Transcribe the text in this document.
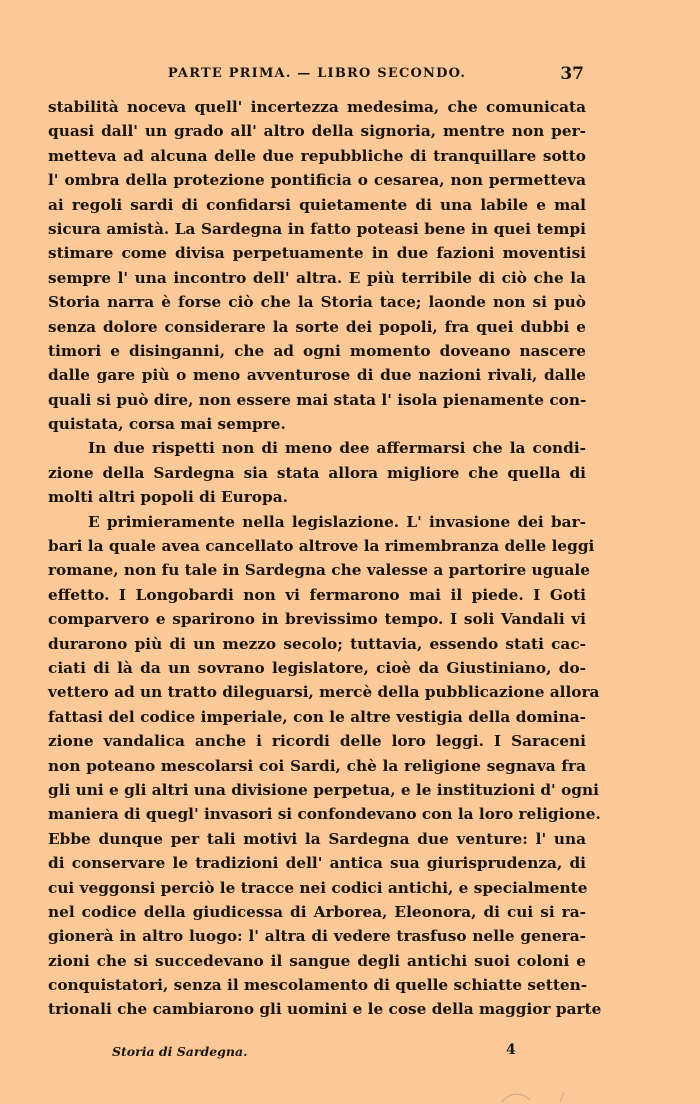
PARTE PRIMA. — LIBRO SECONDO.	37
stabilità noceva quell' incertezza medesima, che comunicata
quasi dall' un grado all' altro della signoria, mentre non per-
metteva ad alcuna delle due repubbliche di tranquillare sotto
l' ombra della protezione pontificia o cesarea, non permetteva
ai regoli sardi di confidarsi quietamente di una labile e mal
sicura amistà. La Sardegna in fatto poteasi bene in quei tempi
stimare come divisa perpetuamente in due fazioni moventisi
sempre l' una incontro dell' altra. E più terribile di ciò che la
Storia narra è forse ciò che la Storia tace; laonde non si può
senza dolore considerare la sorte dei popoli, fra quei dubbi e
timori e disinganni, che ad ogni momento doveano nascere
dalle gare più o meno avventurose di due nazioni rivali, dalle
quali si può dire, non essere mai stata l' isola pienamente con-
quistata, corsa mai sempre.
In due rispetti non di meno dee affermarsi che la condi-
zione della Sardegna sia stata allora migliore che quella di
molti altri popoli di Europa.
E primieramente nella legislazione. L' invasione dei bar-
bari la quale avea cancellato altrove la rimembranza delle leggi
romane, non fu tale in Sardegna che valesse a partorire uguale
effetto. I Longobardi non vi fermarono mai il piede. I Goti
comparvero e sparirono in brevissimo tempo. I soli Vandali vi
durarono più di un mezzo secolo; tuttavia, essendo stati cac-
ciati di là da un sovrano legislatore, cioè da Giustiniano, do-
vettero ad un tratto dileguarsi, mercè della pubblicazione allora
fattasi del codice imperiale, con le altre vestigia della domina-
zione vandalica anche i ricordi delle loro leggi. I Saraceni
non poteano mescolarsi coi Sardi, chè la religione segnava fra
gli uni e gli altri una divisione perpetua, e le instituzioni d' ogni
maniera di quegl' invasori si confondevano con la loro religione.
Ebbe dunque per tali motivi la Sardegna due venture: l' una
di conservare le tradizioni dell' antica sua giurisprudenza, di
cui veggonsi perciò le tracce nei codici antichi, e specialmente
nel codice della giudicessa di Arborea, Eleonora, di cui si ra-
gionerà in altro luogo: l' altra di vedere trasfuso nelle genera-
zioni che si succedevano il sangue degli antichi suoi coloni e
conquistatori, senza il mescolamento di quelle schiatte setten-
trionali che cambiarono gli uomini e le cose della maggior parte
Storia di Sardegna.	4
